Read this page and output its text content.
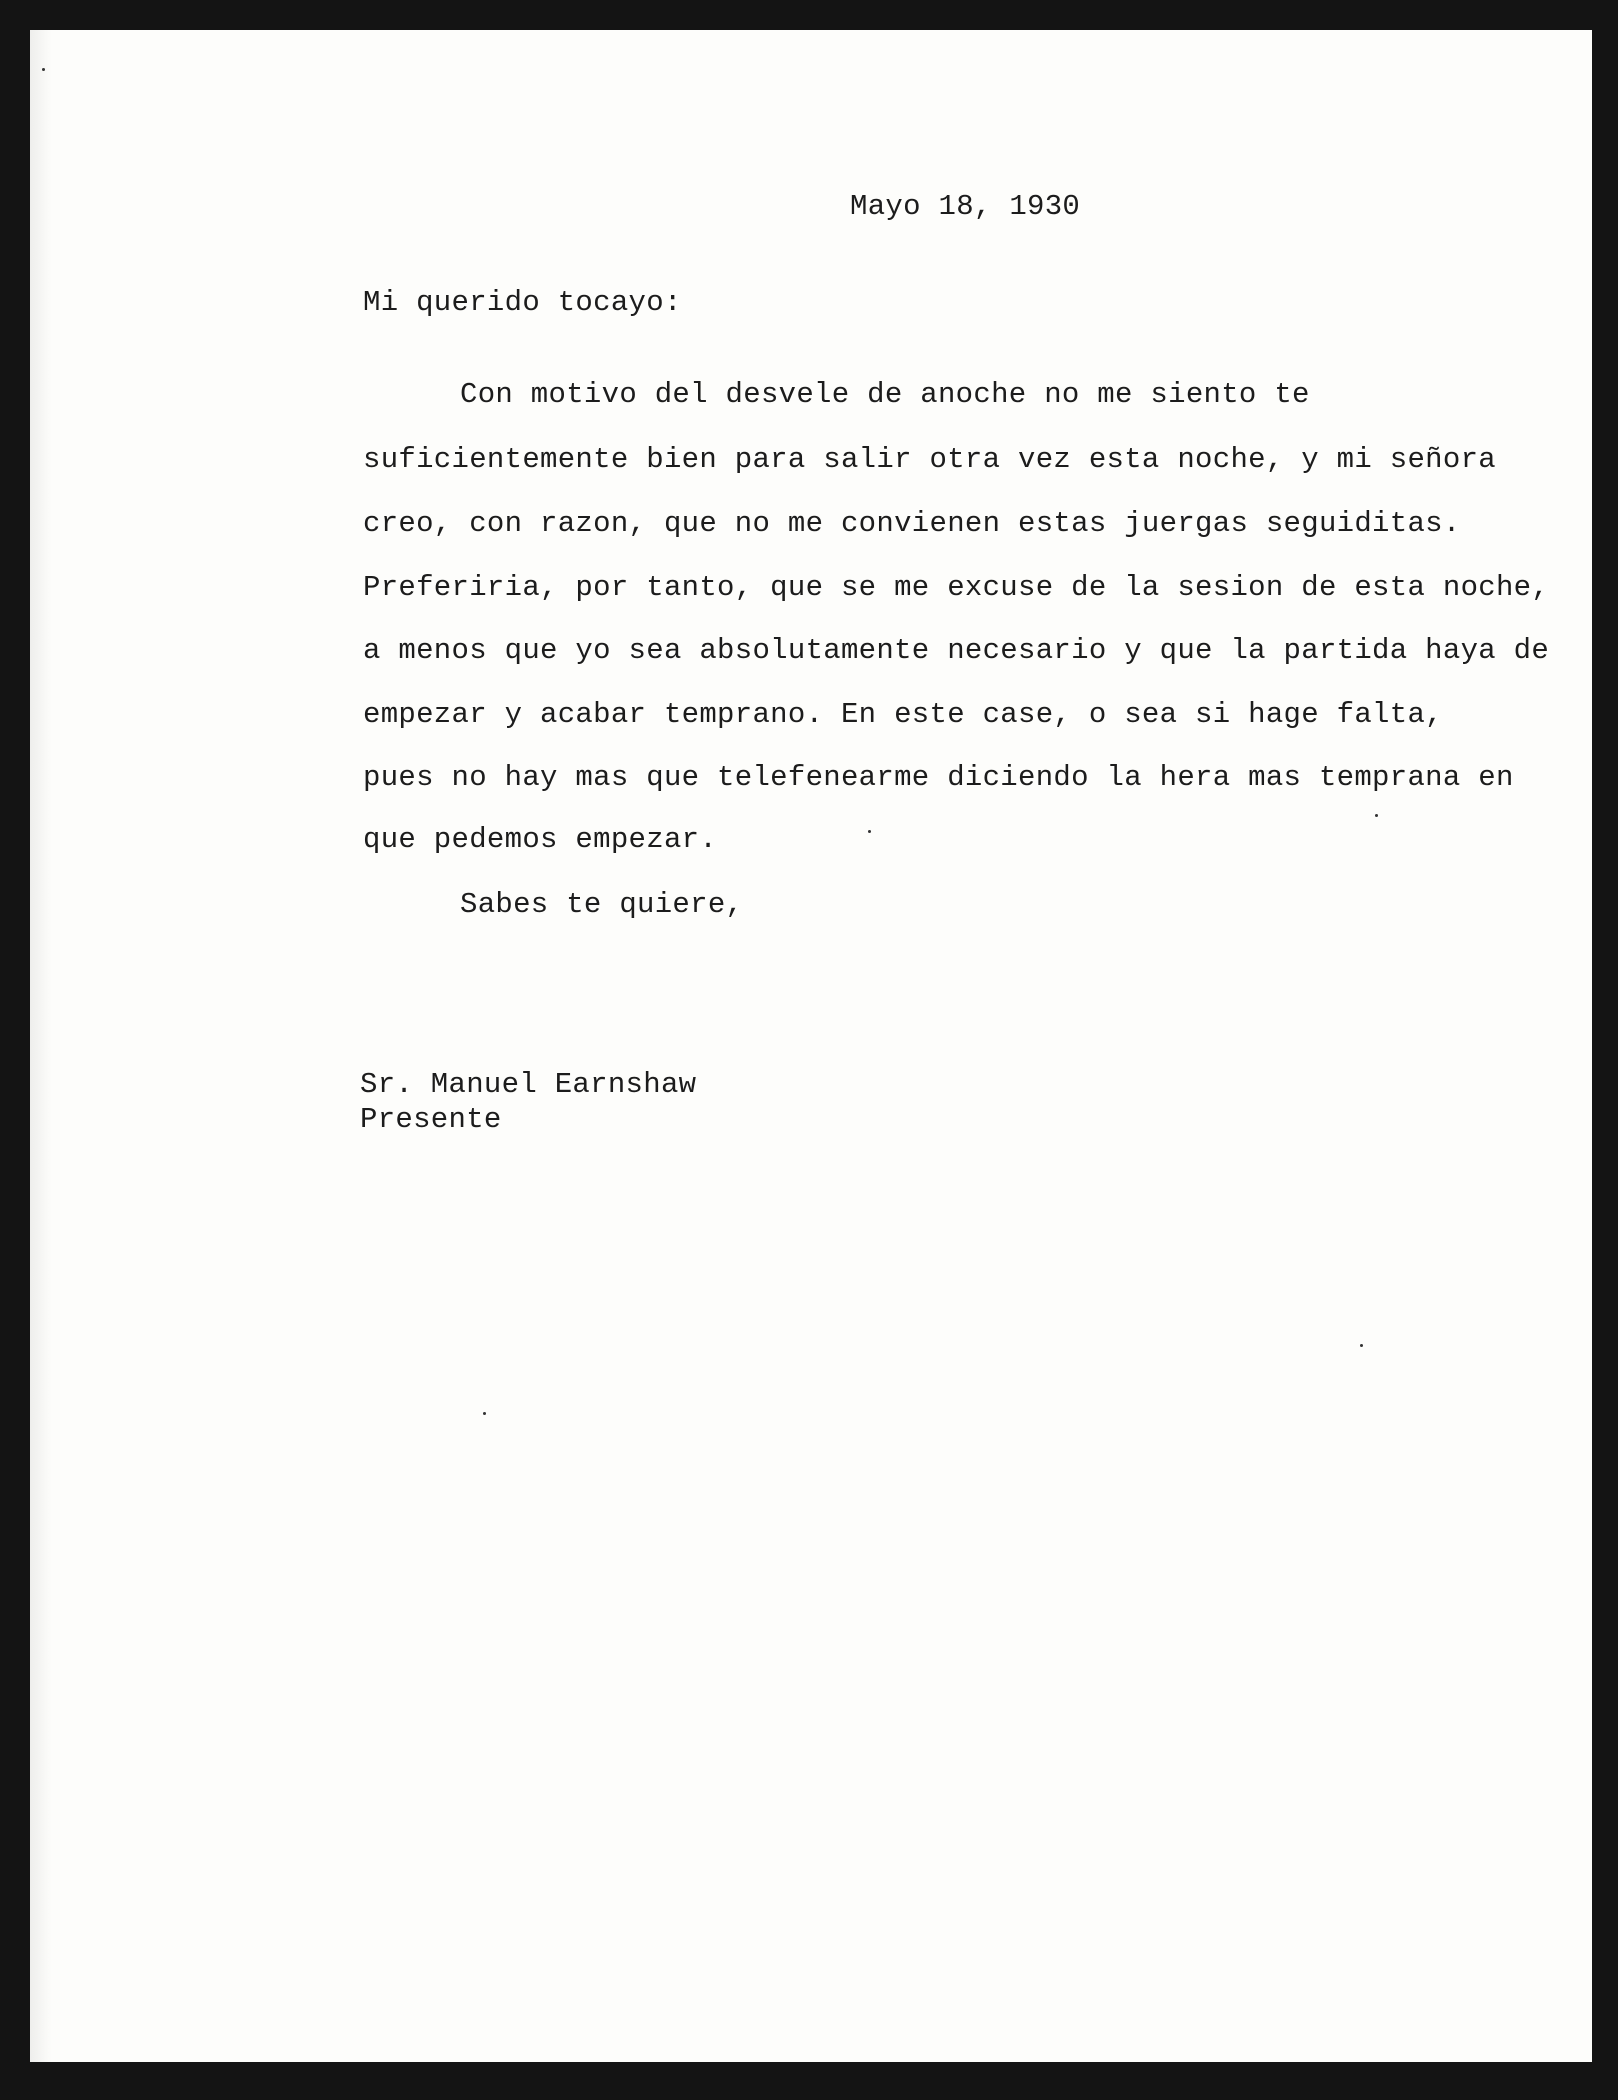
Mayo 18, 1930
Mi querido tocayo:
Con motivo del desvele de anoche no me siento te
suficientemente bien para salir otra vez esta noche, y mi señora
creo, con razon, que no me convienen estas juergas seguiditas.
Preferiria, por tanto, que se me excuse de la sesion de esta noche,
a menos que yo sea absolutamente necesario y que la partida haya de
empezar y acabar temprano. En este case, o sea si hage falta,
pues no hay mas que telefenearme diciendo la hera mas temprana en
que pedemos empezar.
Sabes te quiere,
Sr. Manuel Earnshaw
Presente
